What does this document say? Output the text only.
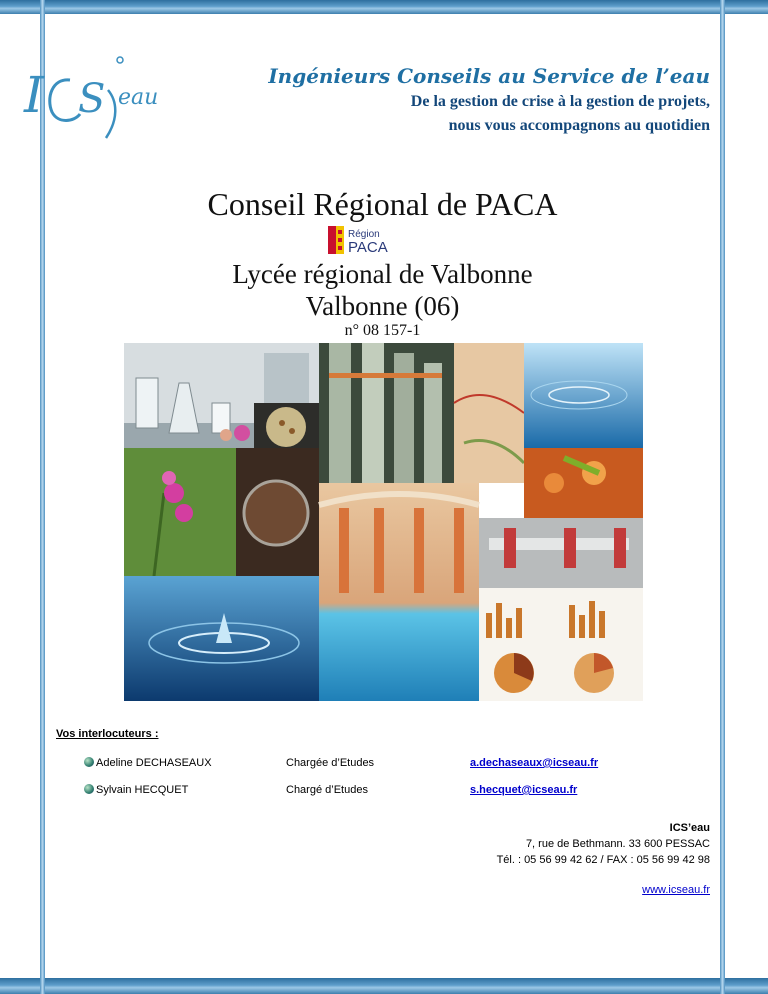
I S eau
Ingénieurs Conseils au Service de l’eau
De la gestion de crise à la gestion de projets,
nous vous accompagnons au quotidien
Conseil Régional de PACA
Région
PACA
Lycée régional de Valbonne
Valbonne (06)
n° 08 157-1
Vos interlocuteurs :
Adeline DECHASEAUX	Chargée d’Etudes	a.dechaseaux@icseau.fr
Sylvain HECQUET	Chargé d’Etudes	s.hecquet@icseau.fr
ICS’eau
7, rue de Bethmann. 33 600 PESSAC
Tél. : 05 56 99 42 62 / FAX : 05 56 99 42 98
www.icseau.fr
